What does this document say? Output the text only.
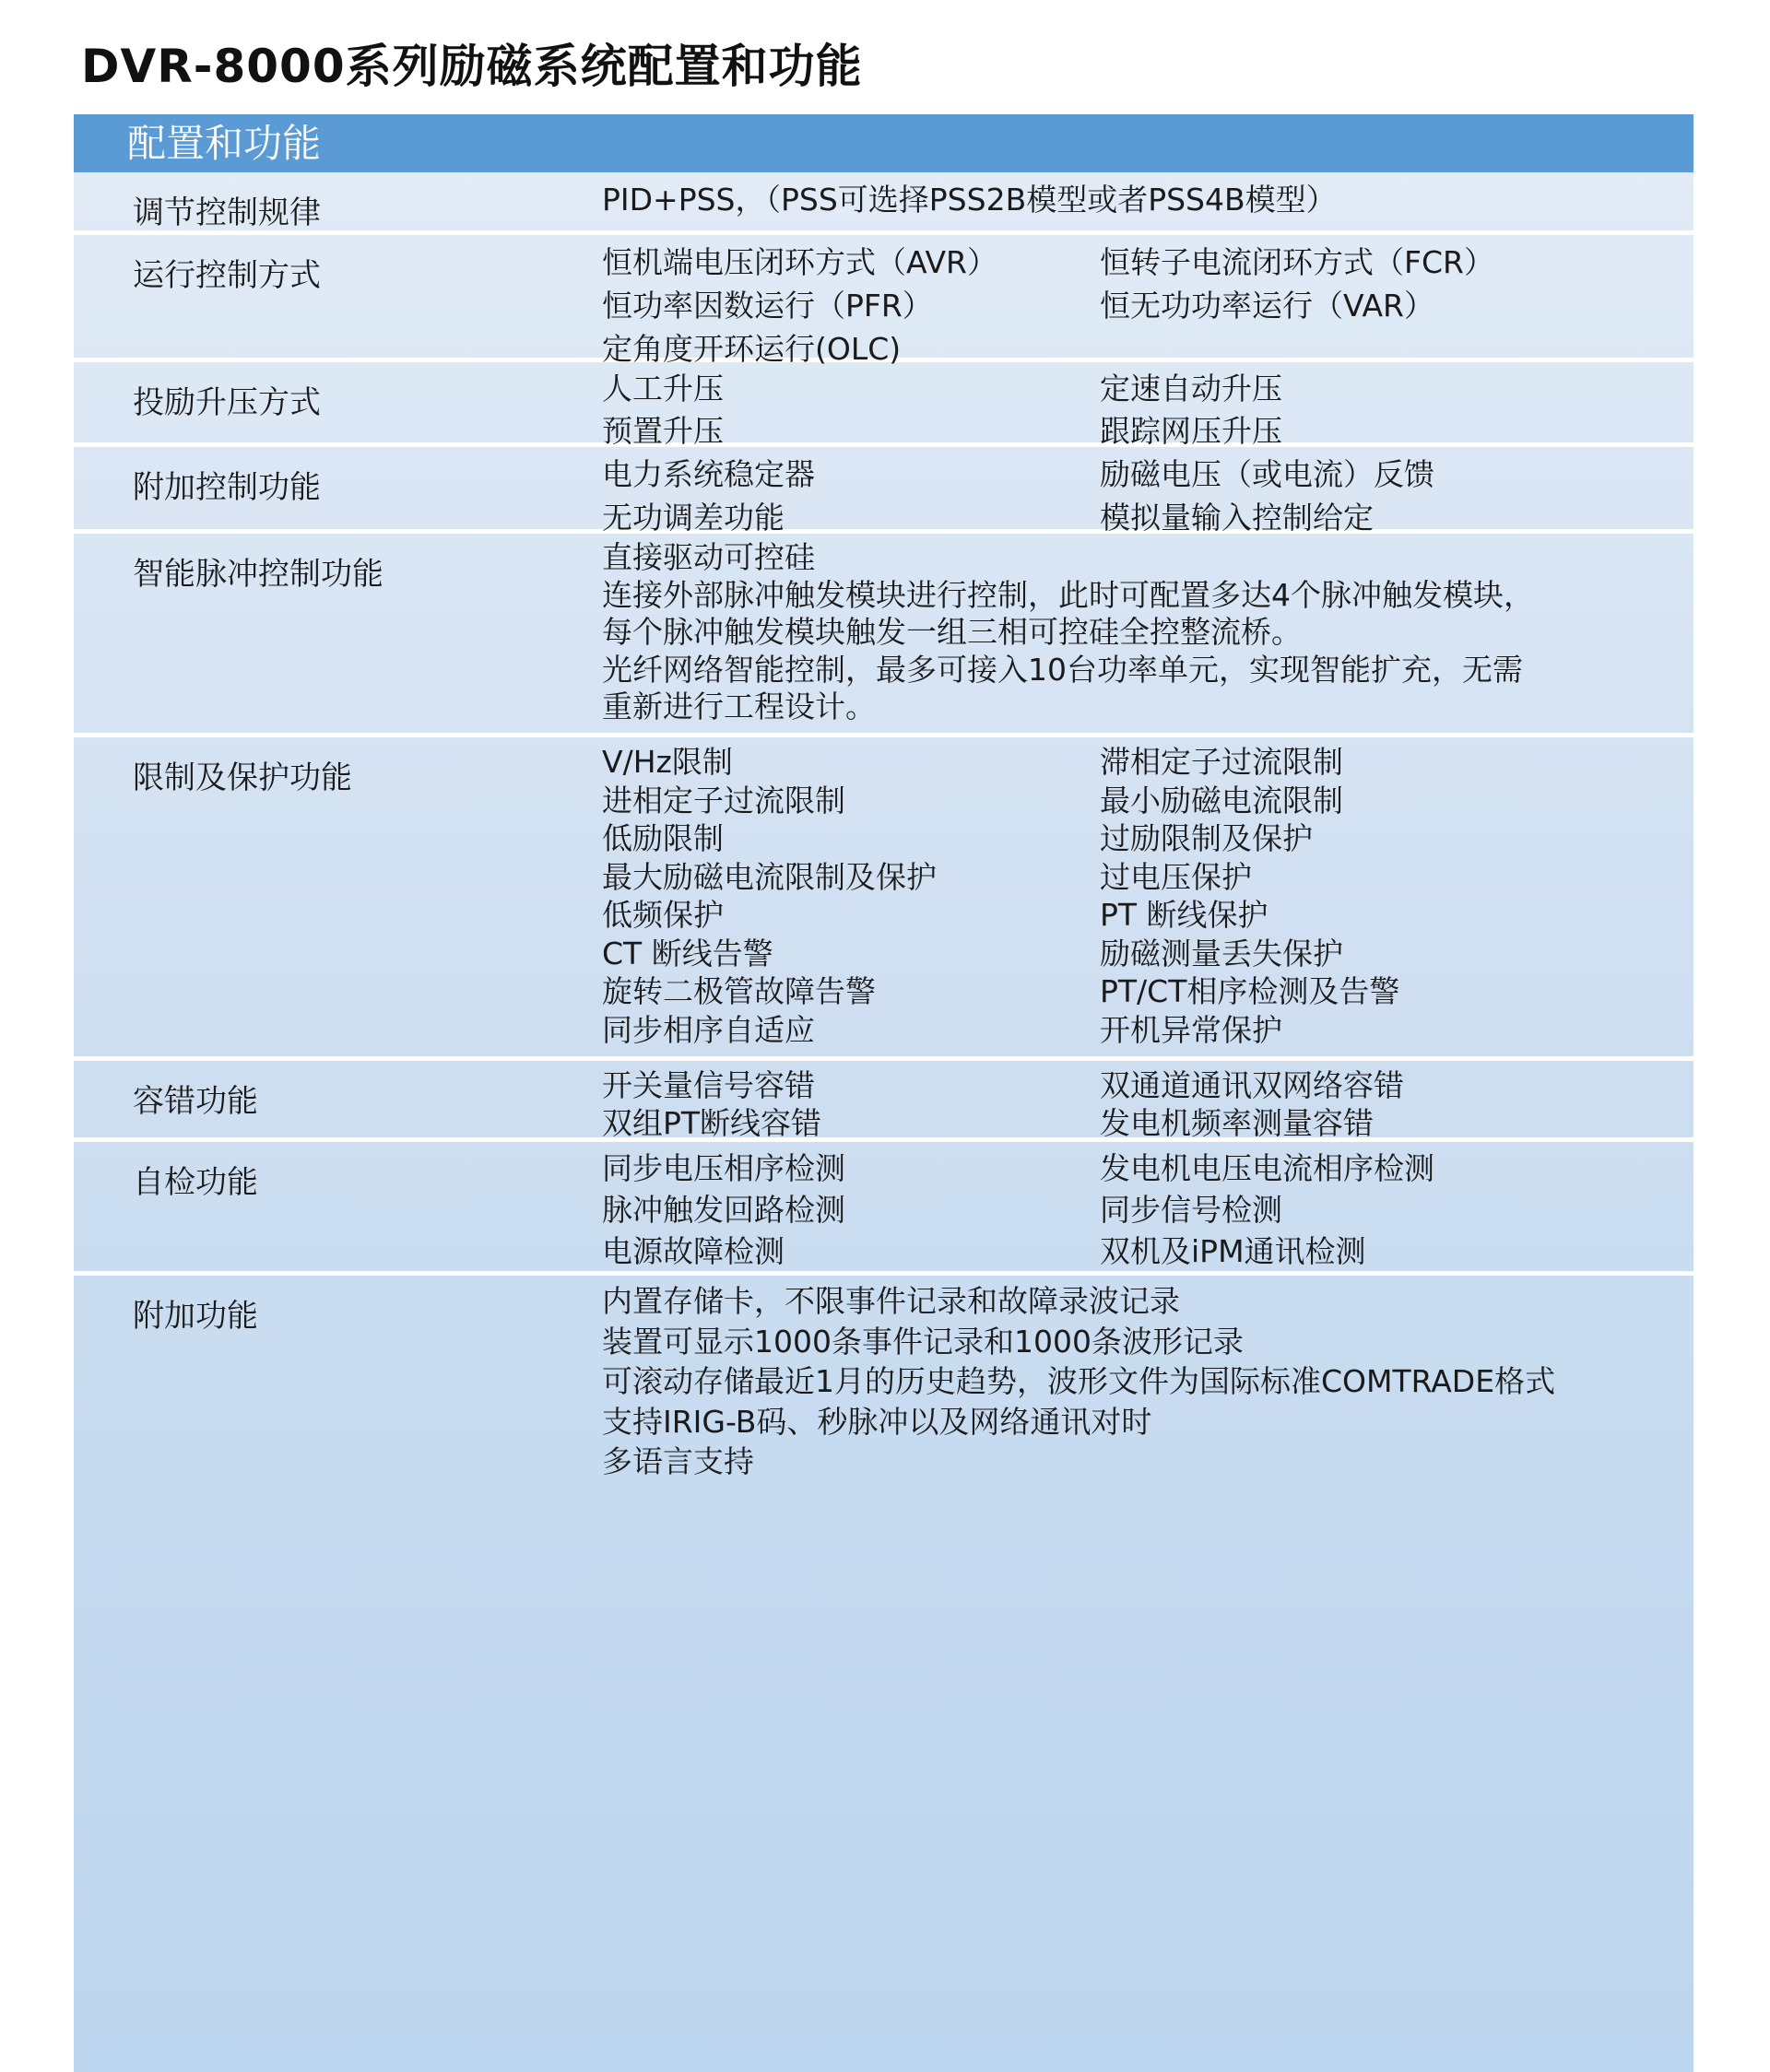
DVR-8000系列励磁系统配置和功能
配置和功能
调节控制规律	PID+PSS，（PSS可选择PSS2B模型或者PSS4B模型）
运行控制方式	恒机端电压闭环方式（AVR）	恒转子电流闭环方式（FCR）
恒功率因数运行（PFR）	恒无功功率运行（VAR）
定角度开环运行(OLC)
投励升压方式	人工升压	定速自动升压
预置升压	跟踪网压升压
附加控制功能	电力系统稳定器	励磁电压（或电流）反馈
无功调差功能	模拟量输入控制给定
智能脉冲控制功能	直接驱动可控硅
连接外部脉冲触发模块进行控制，此时可配置多达4个脉冲触发模块，
每个脉冲触发模块触发一组三相可控硅全控整流桥。
光纤网络智能控制，最多可接入10台功率单元，实现智能扩充，无需
重新进行工程设计。
限制及保护功能	V/Hz限制	滞相定子过流限制
进相定子过流限制	最小励磁电流限制
低励限制	过励限制及保护
最大励磁电流限制及保护	过电压保护
低频保护	PT 断线保护
CT 断线告警	励磁测量丢失保护
旋转二极管故障告警	PT/CT相序检测及告警
同步相序自适应	开机异常保护
容错功能	开关量信号容错	双通道通讯双网络容错
双组PT断线容错	发电机频率测量容错
自检功能	同步电压相序检测	发电机电压电流相序检测
脉冲触发回路检测	同步信号检测
电源故障检测	双机及iPM通讯检测
附加功能	内置存储卡，不限事件记录和故障录波记录
装置可显示1000条事件记录和1000条波形记录
可滚动存储最近1月的历史趋势，波形文件为国际标准COMTRADE格式
支持IRIG-B码、秒脉冲以及网络通讯对时
多语言支持
